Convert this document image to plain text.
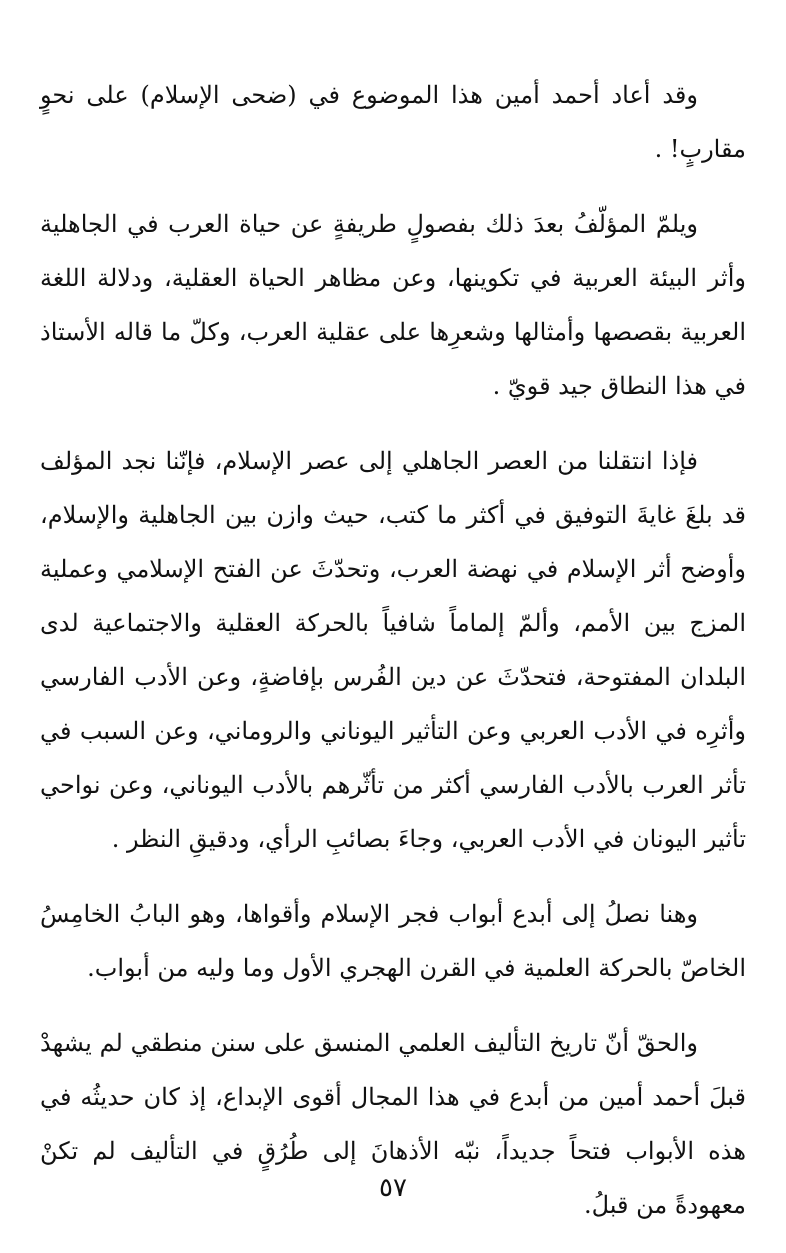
وقد أعاد أحمد أمين هذا الموضوع في (ضحى الإسلام) على نحوٍ مقاربٍ! .

ويلمّ المؤلّفُ بعدَ ذلك بفصولٍ طريفةٍ عن حياة العرب في الجاهلية وأثر البيئة العربية في تكوينها، وعن مظاهر الحياة العقلية، ودلالة اللغة العربية بقصصها وأمثالها وشعرِها على عقلية العرب، وكلّ ما قاله الأستاذ في هذا النطاق جيد قويّ .

فإذا انتقلنا من العصر الجاهلي إلى عصر الإسلام، فإنّنا نجد المؤلف قد بلغَ غايةَ التوفيق في أكثر ما كتب، حيث وازن بين الجاهلية والإسلام، وأوضح أثر الإسلام في نهضة العرب، وتحدّثَ عن الفتح الإسلامي وعملية المزج بين الأمم، وألمّ إلماماً شافياً بالحركة العقلية والاجتماعية لدى البلدان المفتوحة، فتحدّثَ عن دين الفُرس بإفاضةٍ، وعن الأدب الفارسي وأثرِه في الأدب العربي وعن التأثير اليوناني والروماني، وعن السبب في تأثر العرب بالأدب الفارسي أكثر من تأثّرهم بالأدب اليوناني، وعن نواحي تأثير اليونان في الأدب العربي، وجاءَ بصائبِ الرأي، ودقيقِ النظر .

وهنا نصلُ إلى أبدع أبواب فجر الإسلام وأقواها، وهو البابُ الخامِسُ الخاصّ بالحركة العلمية في القرن الهجري الأول وما وليه من أبواب.

والحقّ أنّ تاريخ التأليف العلمي المنسق على سنن منطقي لم يشهدْ قبلَ أحمد أمين من أبدع في هذا المجال أقوى الإبداع، إذ كان حديثُه في هذه الأبواب فتحاً جديداً، نبّه الأذهانَ إلى طُرُقٍ في التأليف لم تكنْ معهودةً من قبلُ.

٥٧
